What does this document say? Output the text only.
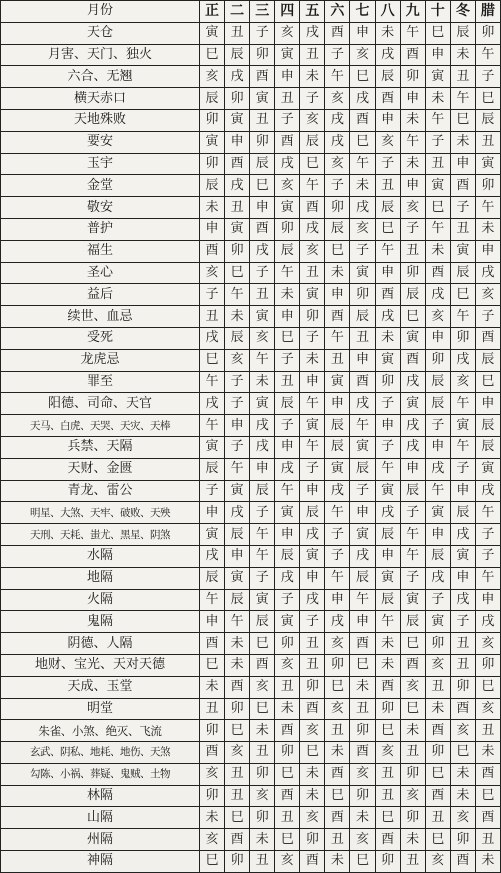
月份	正	二	三	四	五	六	七	八	九	十	冬	腊
天仓	寅	丑	子	亥	戌	酉	申	未	午	巳	辰	卯
月害、天门、独火	巳	辰	卯	寅	丑	子	亥	戌	酉	申	未	午
六合、无翘	亥	戌	酉	申	未	午	巳	辰	卯	寅	丑	子
横天赤口	辰	卯	寅	丑	子	亥	戌	酉	申	未	午	巳
天地殊败	卯	寅	丑	子	亥	戌	酉	申	未	午	巳	辰
要安	寅	申	卯	酉	辰	戌	巳	亥	午	子	未	丑
玉宇	卯	酉	辰	戌	巳	亥	午	子	未	丑	申	寅
金堂	辰	戌	巳	亥	午	子	未	丑	申	寅	酉	卯
敬安	未	丑	申	寅	酉	卯	戌	辰	亥	巳	子	午
普护	申	寅	酉	卯	戌	辰	亥	巳	子	午	丑	未
福生	酉	卯	戌	辰	亥	巳	子	午	丑	未	寅	申
圣心	亥	巳	子	午	丑	未	寅	申	卯	酉	辰	戌
益后	子	午	丑	未	寅	申	卯	酉	辰	戌	巳	亥
续世、血忌	丑	未	寅	申	卯	酉	辰	戌	巳	亥	午	子
受死	戌	辰	亥	巳	子	午	丑	未	寅	申	卯	酉
龙虎忌	巳	亥	午	子	未	丑	申	寅	酉	卯	戌	辰
罪至	午	子	未	丑	申	寅	酉	卯	戌	辰	亥	巳
阳德、司命、天官	戌	子	寅	辰	午	申	戌	子	寅	辰	午	申
天马、白虎、天哭、天灾、天棒	午	申	戌	子	寅	辰	午	申	戌	子	寅	辰
兵禁、天隔	寅	子	戌	申	午	辰	寅	子	戌	申	午	辰
天财、金匮	辰	午	申	戌	子	寅	辰	午	申	戌	子	寅
青龙、雷公	子	寅	辰	午	申	戌	子	寅	辰	午	申	戌
明星、大煞、天牢、破败、天殃	申	戌	子	寅	辰	午	申	戌	子	寅	辰	午
天刑、天耗、蚩尤、黑星、阴煞	寅	辰	午	申	戌	子	寅	辰	午	申	戌	子
水隔	戌	申	午	辰	寅	子	戌	申	午	辰	寅	子
地隔	辰	寅	子	戌	申	午	辰	寅	子	戌	申	午
火隔	午	辰	寅	子	戌	申	午	辰	寅	子	戌	申
鬼隔	申	午	辰	寅	子	戌	申	午	辰	寅	子	戌
阴德、人隔	酉	未	巳	卯	丑	亥	酉	未	巳	卯	丑	亥
地财、宝光、天对天德	巳	未	酉	亥	丑	卯	巳	未	酉	亥	丑	卯
天成、玉堂	未	酉	亥	丑	卯	巳	未	酉	亥	丑	卯	巳
明堂	丑	卯	巳	未	酉	亥	丑	卯	巳	未	酉	亥
朱雀、小煞、绝灭、飞流	卯	巳	未	酉	亥	丑	卯	巳	未	酉	亥	丑
玄武、阴私、地耗、地伤、天煞	酉	亥	丑	卯	巳	未	酉	亥	丑	卯	巳	未
勾陈、小祸、葬疑、鬼贼、土物	亥	丑	卯	巳	未	酉	亥	丑	卯	巳	未	酉
林隔	卯	丑	亥	酉	未	巳	卯	丑	亥	酉	未	巳
山隔	未	巳	卯	丑	亥	酉	未	巳	卯	丑	亥	酉
州隔	亥	酉	未	巳	卯	丑	亥	酉	未	巳	卯	丑
神隔	巳	卯	丑	亥	酉	未	巳	卯	丑	亥	酉	未
